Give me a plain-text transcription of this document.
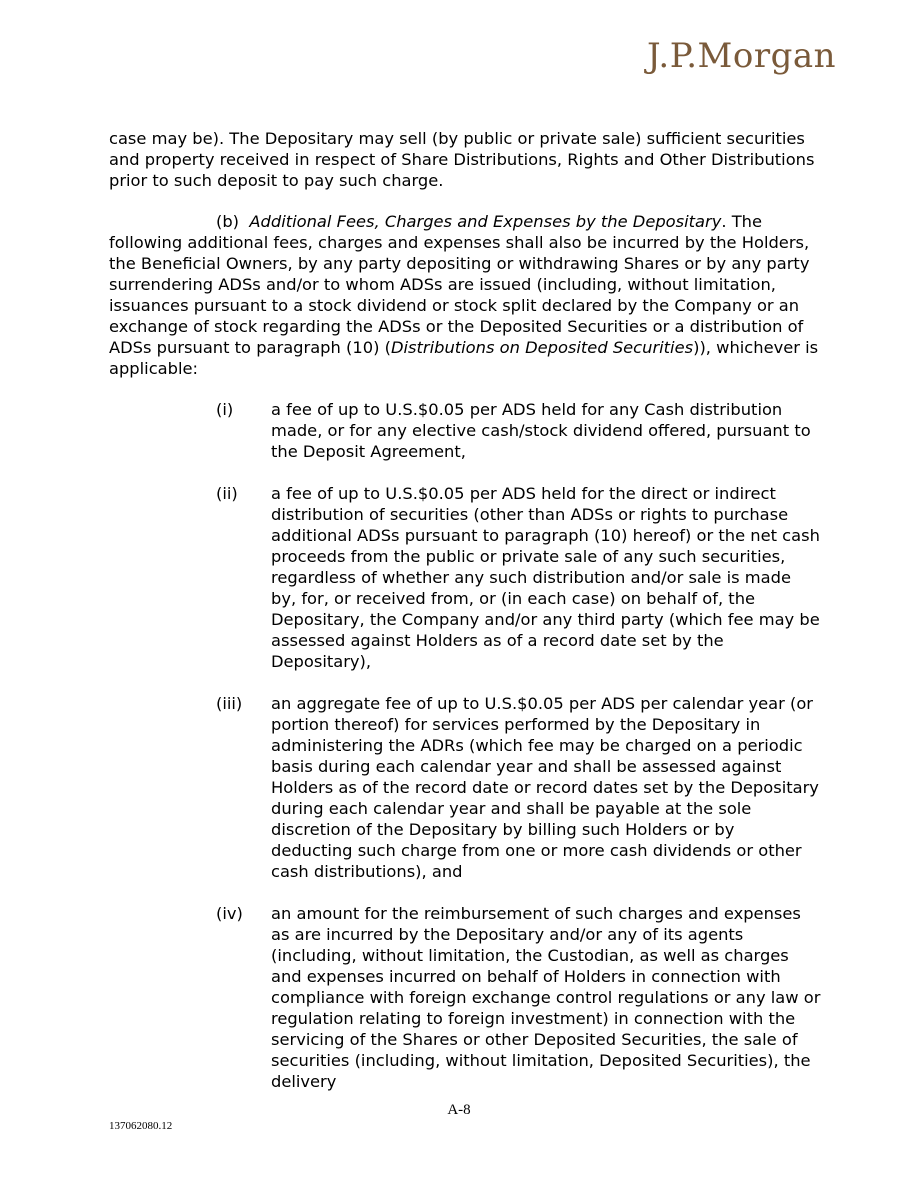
J.P.Morgan

case may be). The Depositary may sell (by public or private sale) sufficient securities and property received in respect of Share Distributions, Rights and Other Distributions prior to such deposit to pay such charge.

(b) Additional Fees, Charges and Expenses by the Depositary. The following additional fees, charges and expenses shall also be incurred by the Holders, the Beneficial Owners, by any party depositing or withdrawing Shares or by any party surrendering ADSs and/or to whom ADSs are issued (including, without limitation, issuances pursuant to a stock dividend or stock split declared by the Company or an exchange of stock regarding the ADSs or the Deposited Securities or a distribution of ADSs pursuant to paragraph (10) (Distributions on Deposited Securities)), whichever is applicable:

(i)	a fee of up to U.S.$0.05 per ADS held for any Cash distribution made, or for any elective cash/stock dividend offered, pursuant to the Deposit Agreement,
(ii)	a fee of up to U.S.$0.05 per ADS held for the direct or indirect distribution of securities (other than ADSs or rights to purchase additional ADSs pursuant to paragraph (10) hereof) or the net cash proceeds from the public or private sale of any such securities, regardless of whether any such distribution and/or sale is made by, for, or received from, or (in each case) on behalf of, the Depositary, the Company and/or any third party (which fee may be assessed against Holders as of a record date set by the Depositary),
(iii)	an aggregate fee of up to U.S.$0.05 per ADS per calendar year (or portion thereof) for services performed by the Depositary in administering the ADRs (which fee may be charged on a periodic basis during each calendar year and shall be assessed against Holders as of the record date or record dates set by the Depositary during each calendar year and shall be payable at the sole discretion of the Depositary by billing such Holders or by deducting such charge from one or more cash dividends or other cash distributions), and
(iv)	an amount for the reimbursement of such charges and expenses as are incurred by the Depositary and/or any of its agents (including, without limitation, the Custodian, as well as charges and expenses incurred on behalf of Holders in connection with compliance with foreign exchange control regulations or any law or regulation relating to foreign investment) in connection with the servicing of the Shares or other Deposited Securities, the sale of securities (including, without limitation, Deposited Securities), the delivery
A-8
137062080.12
